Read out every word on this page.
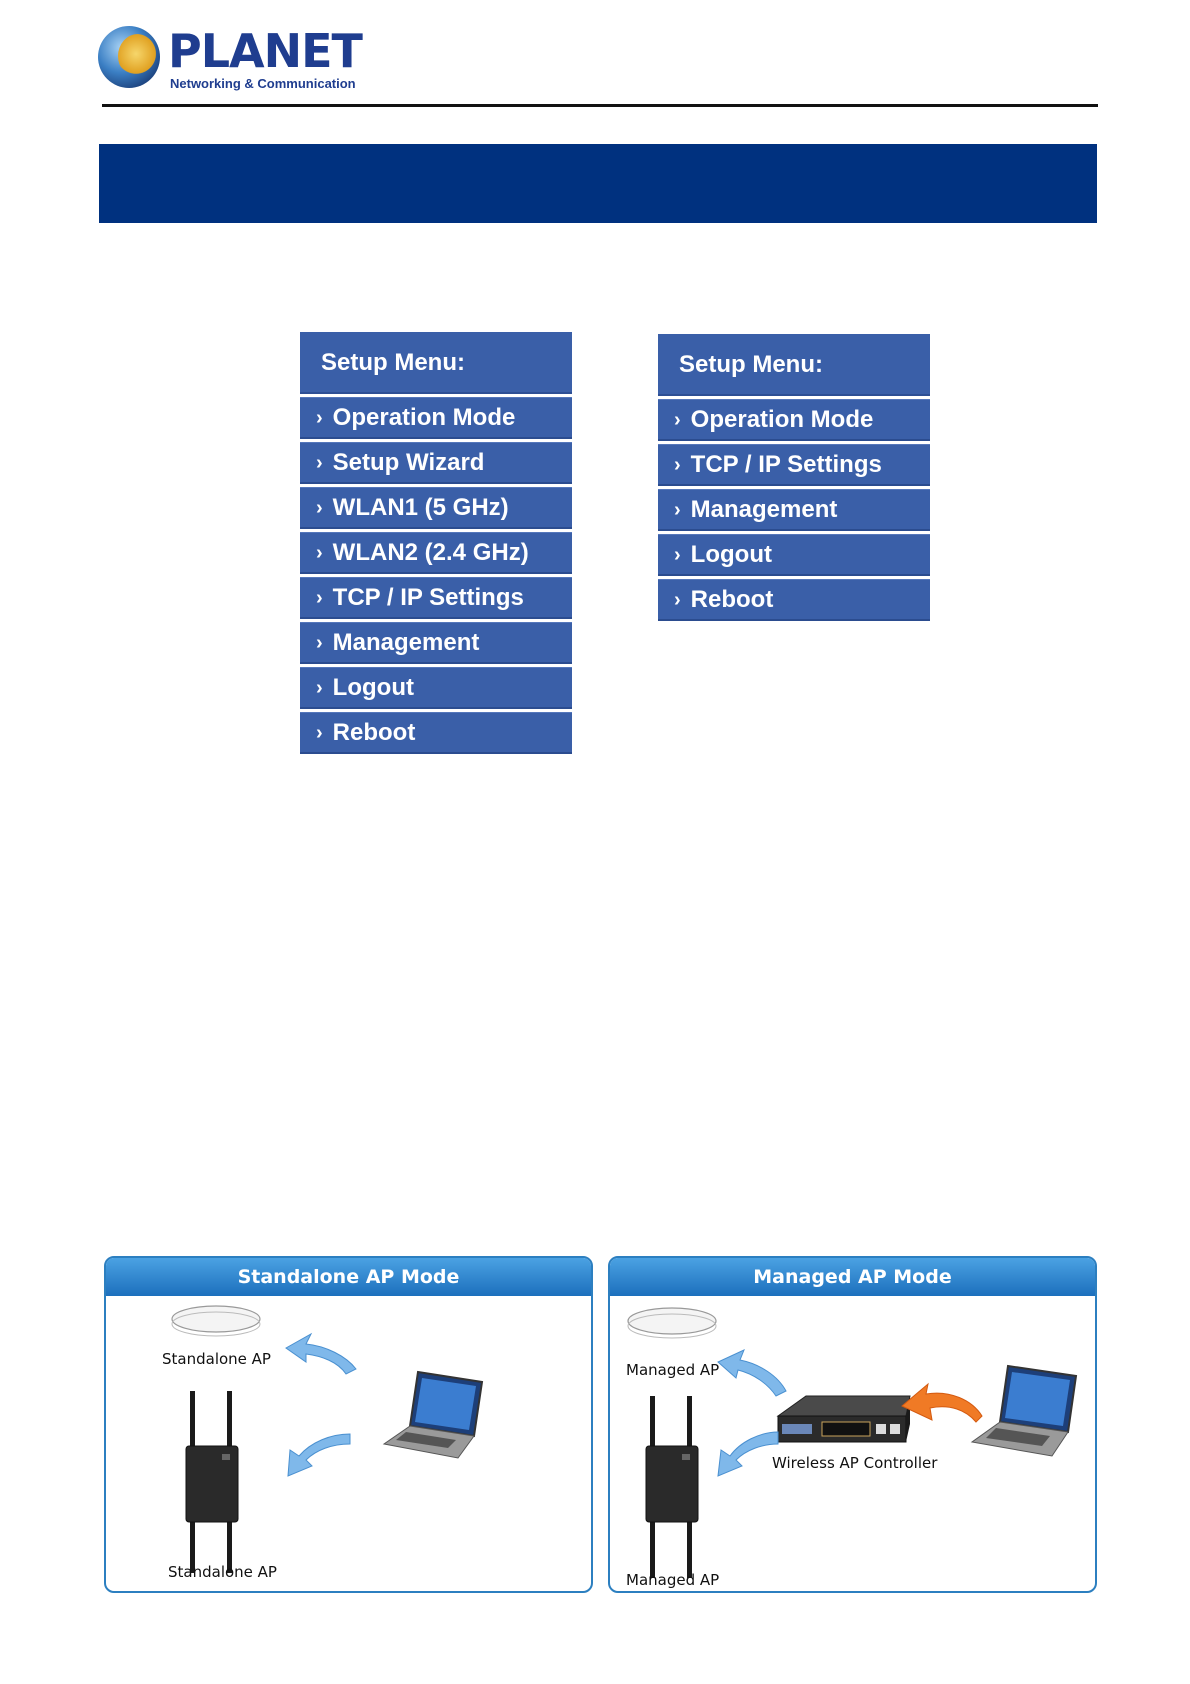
PLANET
Networking & Communication
Setup Menu:
› Operation Mode
› Setup Wizard
› WLAN1 (5 GHz)
› WLAN2 (2.4 GHz)
› TCP / IP Settings
› Management
› Logout
› Reboot
Setup Menu:
› Operation Mode
› TCP / IP Settings
› Management
› Logout
› Reboot
Standalone AP Mode
Standalone AP
Standalone AP
Managed AP Mode
Managed AP
Wireless AP Controller
Managed AP
